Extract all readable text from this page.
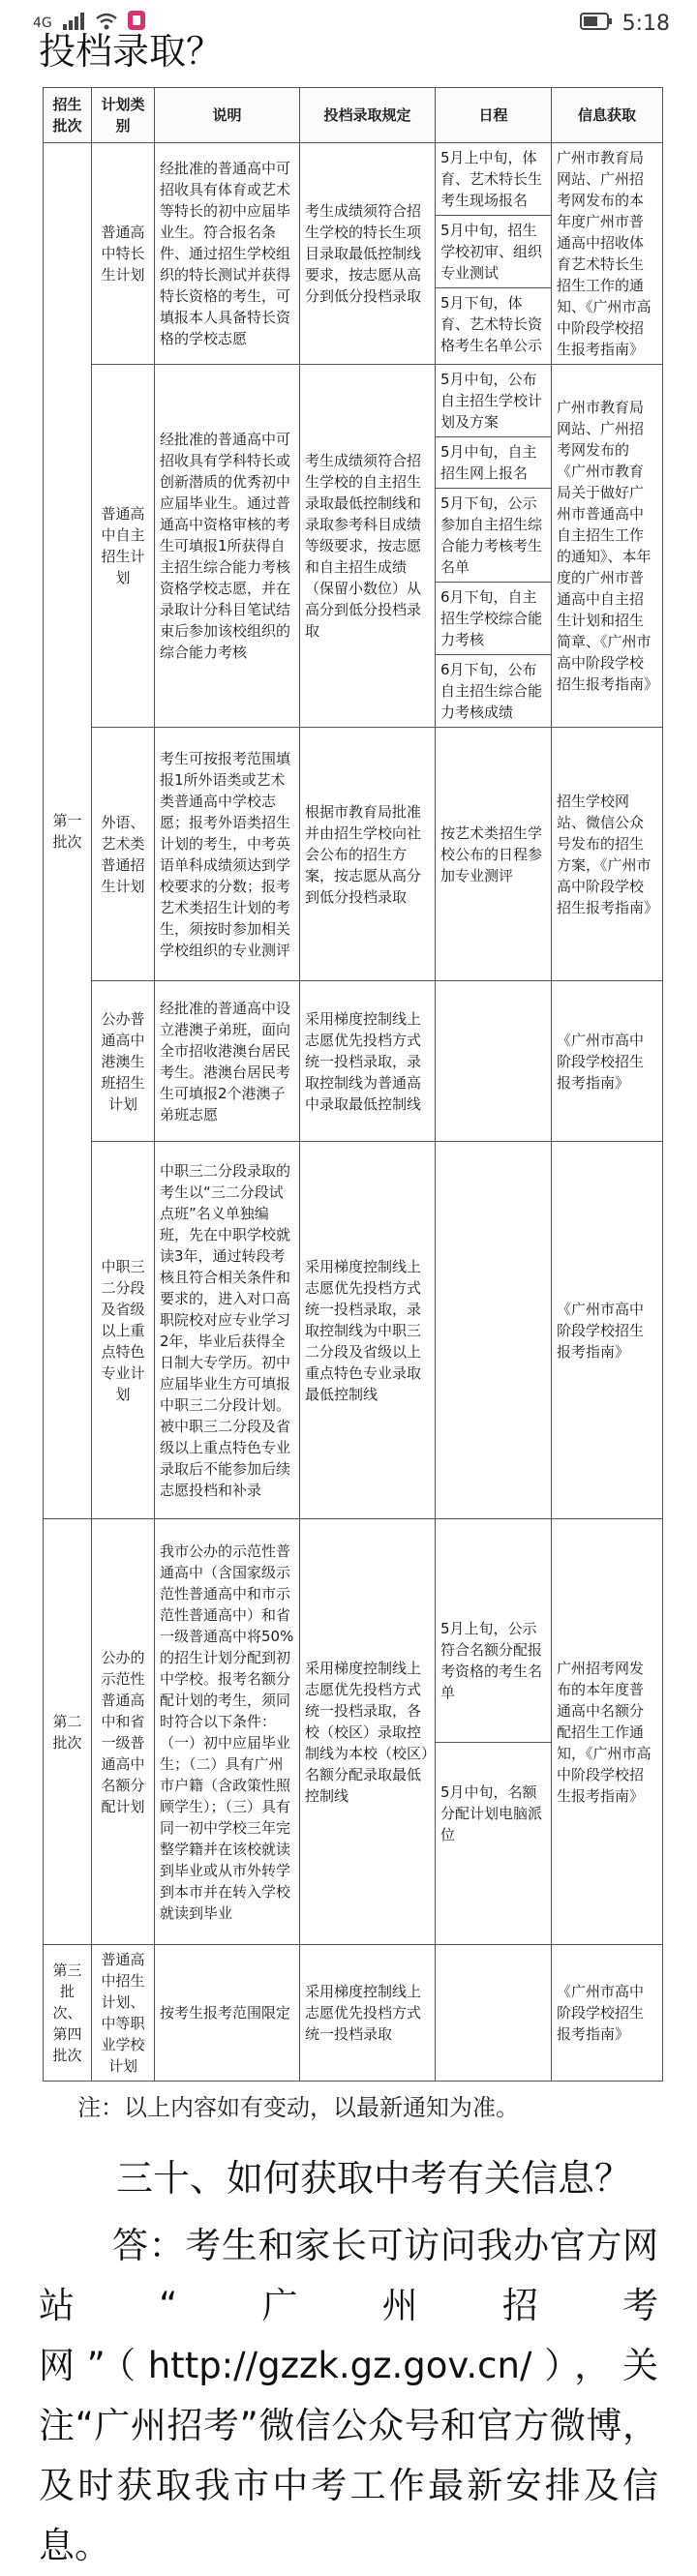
4G	5:18
投档录取？
招生批次	计划类别	说明	投档录取规定	日程	信息获取
第一批次	普通高中特长生计划	经批准的普通高中可招收具有体育或艺术等特长的初中应届毕业生。符合报名条件、通过招生学校组织的特长测试并获得特长资格的考生，可填报本人具备特长资格的学校志愿	考生成绩须符合招生学校的特长生项目录取最低控制线要求，按志愿从高分到低分投档录取	5月上中旬，体育、艺术特长生考生现场报名
5月中旬，招生学校初审、组织专业测试
5月下旬，体育、艺术特长资格考生名单公示	广州市教育局网站、广州招考网发布的本年度广州市普通高中招收体育艺术特长生招生工作的通知、《广州市高中阶段学校招生报考指南》
	普通高中自主招生计划	经批准的普通高中可招收具有学科特长或创新潜质的优秀初中应届毕业生。通过普通高中资格审核的考生可填报1所获得自主招生综合能力考核资格学校志愿，并在录取计分科目笔试结束后参加该校组织的综合能力考核	考生成绩须符合招生学校的自主招生录取最低控制线和录取参考科目成绩等级要求，按志愿和自主招生成绩（保留小数位）从高分到低分投档录取	5月中旬，公布自主招生学校计划及方案
5月中旬，自主招生网上报名
5月下旬，公示参加自主招生综合能力考核考生名单
6月下旬，自主招生学校综合能力考核
6月下旬，公布自主招生综合能力考核成绩	广州市教育局网站、广州招考网发布的《广州市教育局关于做好广州市普通高中自主招生工作的通知》、本年度的广州市普通高中自主招生计划和招生简章、《广州市高中阶段学校招生报考指南》
	外语、艺术类普通招生计划	考生可按报考范围填报1所外语类或艺术类普通高中学校志愿；报考外语类招生计划的考生，中考英语单科成绩须达到学校要求的分数；报考艺术类招生计划的考生，须按时参加相关学校组织的专业测评	根据市教育局批准并由招生学校向社会公布的招生方案，按志愿从高分到低分投档录取	按艺术类招生学校公布的日程参加专业测评	招生学校网站、微信公众号发布的招生方案，《广州市高中阶段学校招生报考指南》
	公办普通高中港澳生班招生计划	经批准的普通高中设立港澳子弟班，面向全市招收港澳台居民考生。港澳台居民考生可填报2个港澳子弟班志愿	采用梯度控制线上志愿优先投档方式统一投档录取，录取控制线为普通高中录取最低控制线		《广州市高中阶段学校招生报考指南》
	中职三二分段及省级以上重点特色专业计划	中职三二分段录取的考生以“三二分段试点班”名义单独编班，先在中职学校就读3年，通过转段考核且符合相关条件和要求的，进入对口高职院校对应专业学习2年，毕业后获得全日制大专学历。初中应届毕业生方可填报中职三二分段计划。被中职三二分段及省级以上重点特色专业录取后不能参加后续志愿投档和补录	采用梯度控制线上志愿优先投档方式统一投档录取，录取控制线为中职三二分段及省级以上重点特色专业录取最低控制线		《广州市高中阶段学校招生报考指南》
第二批次	公办的示范性普通高中和省一级普通高中名额分配计划	我市公办的示范性普通高中（含国家级示范性普通高中和市示范性普通高中）和省一级普通高中将50%的招生计划分配到初中学校。报考名额分配计划的考生，须同时符合以下条件：（一）初中应届毕业生；（二）具有广州市户籍（含政策性照顾学生）；（三）具有同一初中学校三年完整学籍并在该校就读到毕业或从市外转学到本市并在转入学校就读到毕业	采用梯度控制线上志愿优先投档方式统一投档录取，各校（校区）录取控制线为本校（校区）名额分配录取最低控制线	5月上旬，公示符合名额分配报考资格的考生名单
5月中旬，名额分配计划电脑派位	广州招考网发布的本年度普通高中名额分配招生工作通知，《广州市高中阶段学校招生报考指南》
第三批次、第四批次	普通高中招生计划、中等职业学校计划	按考生报考范围限定	采用梯度控制线上志愿优先投档方式统一投档录取		《广州市高中阶段学校招生报考指南》
注：以上内容如有变动，以最新通知为准。
三十、如何获取中考有关信息？
答：考生和家长可访问我办官方网站“广州招考网”（http://gzzk.gz.gov.cn/），关注“广州招考”微信公众号和官方微博，及时获取我市中考工作最新安排及信息。
